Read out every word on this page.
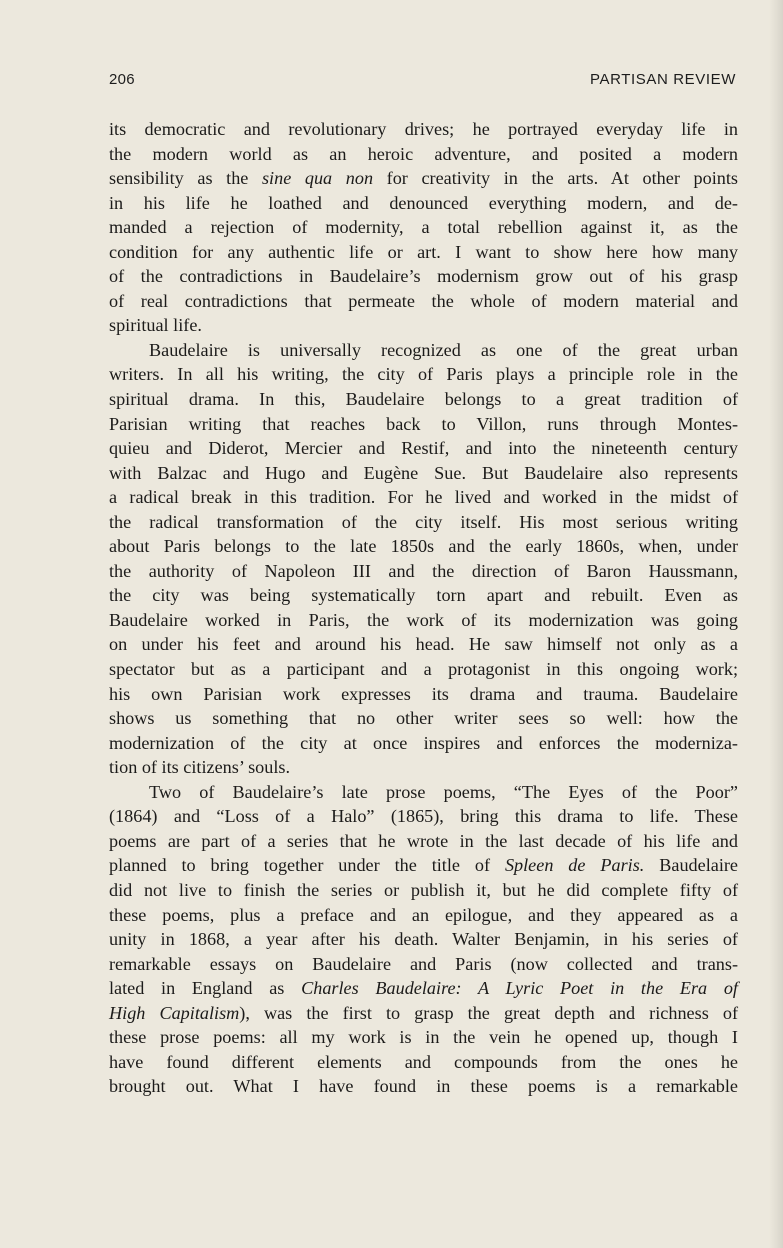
206	PARTISAN REVIEW
its democratic and revolutionary drives; he portrayed everyday life in
the modern world as an heroic adventure, and posited a modern
sensibility as the sine qua non for creativity in the arts. At other points
in his life he loathed and denounced everything modern, and de-
manded a rejection of modernity, a total rebellion against it, as the
condition for any authentic life or art. I want to show here how many
of the contradictions in Baudelaire’s modernism grow out of his grasp
of real contradictions that permeate the whole of modern material and
spiritual life.
Baudelaire is universally recognized as one of the great urban
writers. In all his writing, the city of Paris plays a principle role in the
spiritual drama. In this, Baudelaire belongs to a great tradition of
Parisian writing that reaches back to Villon, runs through Montes-
quieu and Diderot, Mercier and Restif, and into the nineteenth century
with Balzac and Hugo and Eugène Sue. But Baudelaire also represents
a radical break in this tradition. For he lived and worked in the midst of
the radical transformation of the city itself. His most serious writing
about Paris belongs to the late 1850s and the early 1860s, when, under
the authority of Napoleon III and the direction of Baron Haussmann,
the city was being systematically torn apart and rebuilt. Even as
Baudelaire worked in Paris, the work of its modernization was going
on under his feet and around his head. He saw himself not only as a
spectator but as a participant and a protagonist in this ongoing work;
his own Parisian work expresses its drama and trauma. Baudelaire
shows us something that no other writer sees so well: how the
modernization of the city at once inspires and enforces the moderniza-
tion of its citizens’ souls.
Two of Baudelaire’s late prose poems, “The Eyes of the Poor”
(1864) and “Loss of a Halo” (1865), bring this drama to life. These
poems are part of a series that he wrote in the last decade of his life and
planned to bring together under the title of Spleen de Paris. Baudelaire
did not live to finish the series or publish it, but he did complete fifty of
these poems, plus a preface and an epilogue, and they appeared as a
unity in 1868, a year after his death. Walter Benjamin, in his series of
remarkable essays on Baudelaire and Paris (now collected and trans-
lated in England as Charles Baudelaire: A Lyric Poet in the Era of
High Capitalism), was the first to grasp the great depth and richness of
these prose poems: all my work is in the vein he opened up, though I
have found different elements and compounds from the ones he
brought out. What I have found in these poems is a remarkable
